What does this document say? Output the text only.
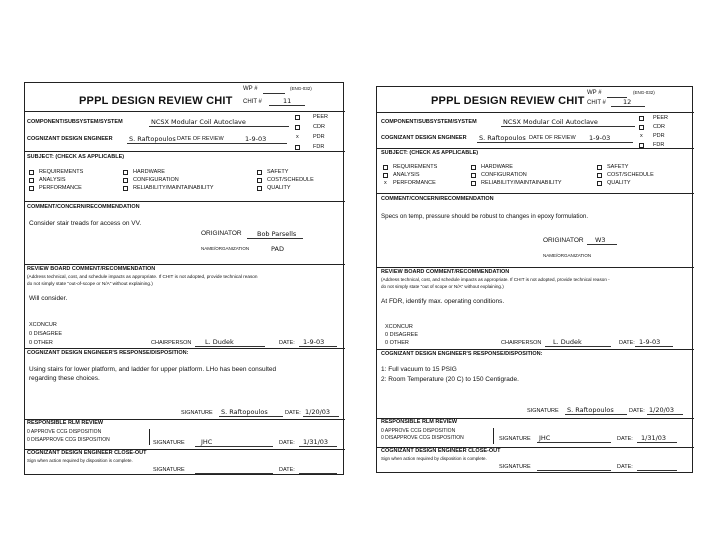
WP #	(ENG-032)
PPPL DESIGN REVIEW CHIT CHIT #	11
COMPONENT/SUBSYSTEM/SYSTEM	NCSX Modular Coil Autoclave
COGNIZANT DESIGN ENGINEER	S. Raftopoulos DATE OF REVIEW	1-9-03
PEER
CDR
x	PDR
FDR
SUBJECT: (CHECK AS APPLICABLE)
REQUIREMENTS
ANALYSIS
PERFORMANCE
HARDWARE
CONFIGURATION
RELIABILITY/MAINTAINABILITY
SAFETY
COST/SCHEDULE
QUALITY
COMMENT/CONCERN/RECOMMENDATION
Consider stair treads for access on VV.
ORIGINATOR Bob Parsells
NAME/ORGANIZATION	PAD
REVIEW BOARD COMMENT/RECOMMENDATION
(Address technical, cost, and schedule impacts as appropriate. If CHIT is not adopted, provide technical reason
do not simply state "out-of-scope or N/A" without explaining.)
Will consider.
XCONCUR
0 DISAGREE
0 OTHER	CHAIRPERSON L. Dudek	DATE: 1-9-03
COGNIZANT DESIGN ENGINEER'S RESPONSE/DISPOSITION:
Using stairs for lower platform, and ladder for upper platform. LHo has been consulted
regarding these choices.
SIGNATURE S. Raftopoulos	DATE: 1/20/03
RESPONSIBLE RLM REVIEW
0 APPROVE CCG DISPOSITION
0 DISAPPROVE CCG DISPOSITION	SIGNATURE	JHC	DATE: 1/31/03
COGNIZANT DESIGN ENGINEER CLOSE-OUT
Sign when action required by disposition is complete.
SIGNATURE	DATE:
WP #	(ENG-032)
PPPL DESIGN REVIEW CHIT CHIT #	12
COMPONENT/SUBSYSTEM/SYSTEM	NCSX Modular Coil Autoclave
COGNIZANT DESIGN ENGINEER S. Raftopoulos DATE OF REVIEW 1-9-03
PEER
CDR
x PDR
FDR
SUBJECT: (CHECK AS APPLICABLE)
REQUIREMENTS
ANALYSIS
x PERFORMANCE
HARDWARE
CONFIGURATION
RELIABILITY/MAINTAINABILITY
SAFETY
COST/SCHEDULE
QUALITY
COMMENT/CONCERN/RECOMMENDATION
Specs on temp, pressure should be robust to changes in epoxy formulation.
ORIGINATOR W3
NAME/ORGANIZATION
REVIEW BOARD COMMENT/RECOMMENDATION
(Address technical, cost, and schedule impacts as appropriate. If CHIT is not adopted, provide technical reason -
do not simply state "out of scope or N/A" without explaining.)
At FDR, identify max. operating conditions.
XCONCUR
0 DISAGREE
0 OTHER	CHAIRPERSON L. Dudek	DATE: 1-9-03
COGNIZANT DESIGN ENGINEER'S RESPONSE/DISPOSITION:
1: Full vacuum to 15 PSIG
2: Room Temperature (20 C) to 150 Centigrade.
SIGNATURE S. Raftopoulos	DATE: 1/20/03
RESPONSIBLE RLM REVIEW
0 APPROVE CCG DISPOSITION
0 DISAPPROVE CCG DISPOSITION	SIGNATURE JHC	DATE: 1/31/03
COGNIZANT DESIGN ENGINEER CLOSE-OUT
Sign when action required by disposition is complete.
SIGNATURE	DATE:
